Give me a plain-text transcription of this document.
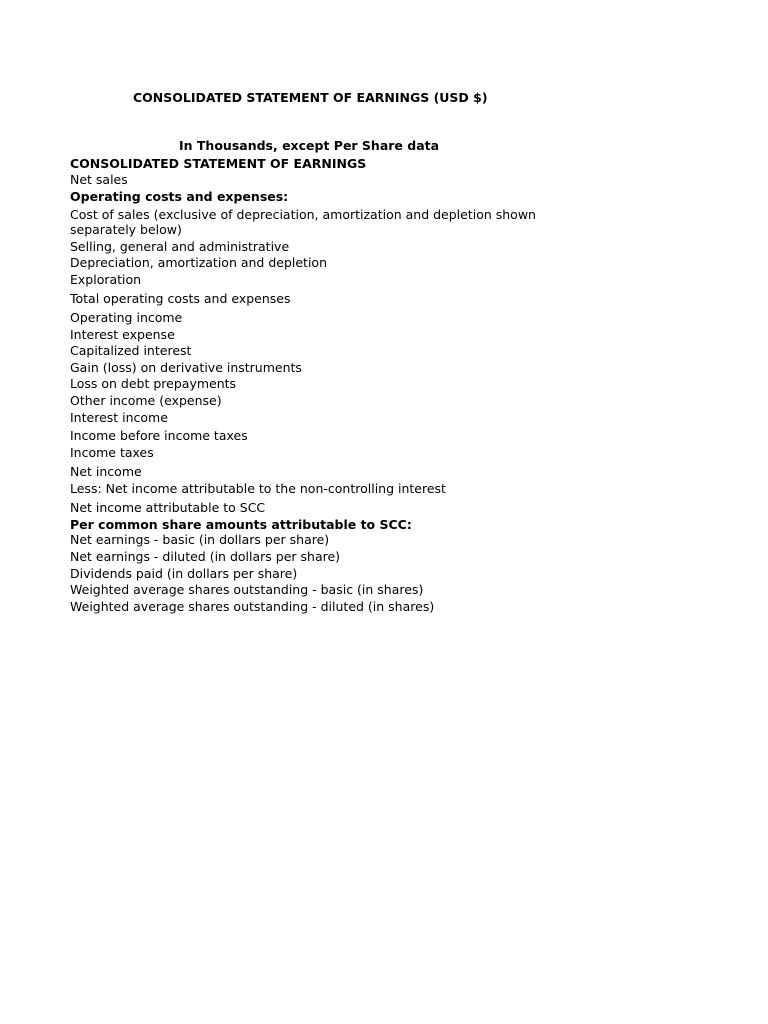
CONSOLIDATED STATEMENT OF EARNINGS (USD $)
In Thousands, except Per Share data
CONSOLIDATED STATEMENT OF EARNINGS
Net sales
Operating costs and expenses:
Cost of sales (exclusive of depreciation, amortization and depletion shown
separately below)
Selling, general and administrative
Depreciation, amortization and depletion
Exploration
Total operating costs and expenses
Operating income
Interest expense
Capitalized interest
Gain (loss) on derivative instruments
Loss on debt prepayments
Other income (expense)
Interest income
Income before income taxes
Income taxes
Net income
Less: Net income attributable to the non-controlling interest
Net income attributable to SCC
Per common share amounts attributable to SCC:
Net earnings - basic (in dollars per share)
Net earnings - diluted (in dollars per share)
Dividends paid (in dollars per share)
Weighted average shares outstanding - basic (in shares)
Weighted average shares outstanding - diluted (in shares)
